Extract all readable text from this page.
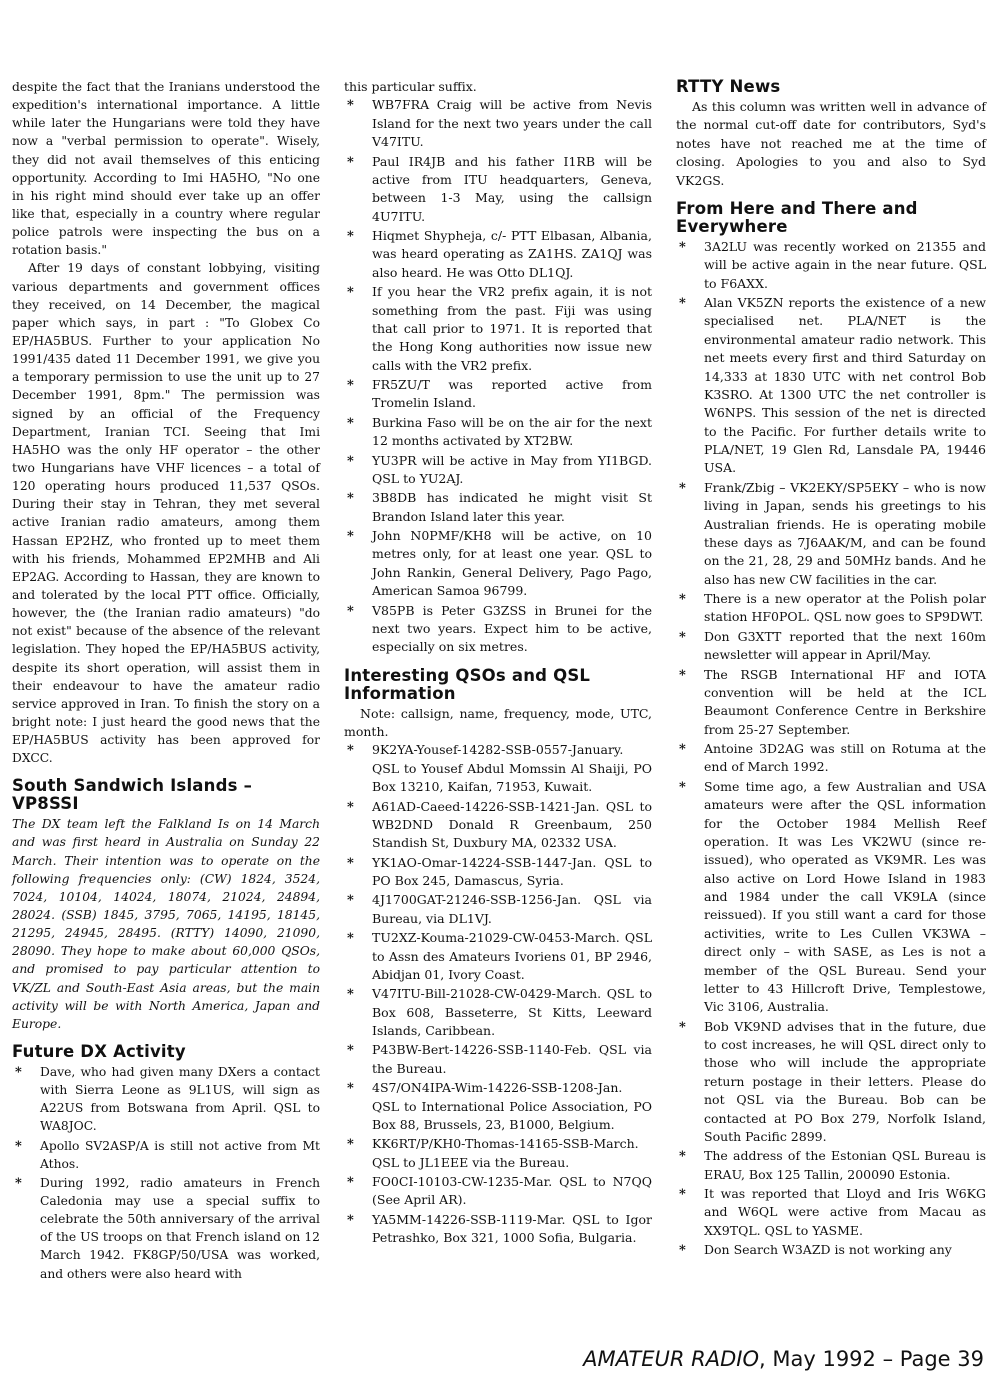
despite the fact that the Iranians understood the expedition's international importance. A little while later the Hungarians were told they have now a "verbal permission to operate". Wisely, they did not avail themselves of this enticing opportunity. According to Imi HA5HO, "No one in his right mind should ever take up an offer like that, especially in a country where regular police patrols were inspecting the bus on a rotation basis."

After 19 days of constant lobbying, visiting various departments and government offices they received, on 14 December, the magical paper which says, in part : "To Globex Co EP/HA5BUS. Further to your application No 1991/435 dated 11 December 1991, we give you a temporary permission to use the unit up to 27 December 1991, 8pm." The permission was signed by an official of the Frequency Department, Iranian TCI. Seeing that Imi HA5HO was the only HF operator – the other two Hungarians have VHF licences – a total of 120 operating hours produced 11,537 QSOs. During their stay in Tehran, they met several active Iranian radio amateurs, among them Hassan EP2HZ, who fronted up to meet them with his friends, Mohammed EP2MHB and Ali EP2AG. According to Hassan, they are known to and tolerated by the local PTT office. Officially, however, the (the Iranian radio amateurs) "do not exist" because of the absence of the relevant legislation. They hoped the EP/HA5BUS activity, despite its short operation, will assist them in their endeavour to have the amateur radio service approved in Iran. To finish the story on a bright note: I just heard the good news that the EP/HA5BUS activity has been approved for DXCC.

South Sandwich Islands – VP8SSI

The DX team left the Falkland Is on 14 March and was first heard in Australia on Sunday 22 March. Their intention was to operate on the following frequencies only: (CW) 1824, 3524, 7024, 10104, 14024, 18074, 21024, 24894, 28024. (SSB) 1845, 3795, 7065, 14195, 18145, 21295, 24945, 28495. (RTTY) 14090, 21090, 28090. They hope to make about 60,000 QSOs, and promised to pay particular attention to VK/ZL and South-East Asia areas, but the main activity will be with North America, Japan and Europe.

Future DX Activity
* Dave, who had given many DXers a contact with Sierra Leone as 9L1US, will sign as A22US from Botswana from April. QSL to WA8JOC.
* Apollo SV2ASP/A is still not active from Mt Athos.
* During 1992, radio amateurs in French Caledonia may use a special suffix to celebrate the 50th anniversary of the arrival of the US troops on that French island on 12 March 1942. FK8GP/50/USA was worked, and others were also heard with

this particular suffix.

* WB7FRA Craig will be active from Nevis Island for the next two years under the call V47ITU.
* Paul IR4JB and his father I1RB will be active from ITU headquarters, Geneva, between 1-3 May, using the callsign 4U7ITU.
* Hiqmet Shypheja, c/- PTT Elbasan, Albania, was heard operating as ZA1HS. ZA1QJ was also heard. He was Otto DL1QJ.
* If you hear the VR2 prefix again, it is not something from the past. Fiji was using that call prior to 1971. It is reported that the Hong Kong authorities now issue new calls with the VR2 prefix.
* FR5ZU/T was reported active from Tromelin Island.
* Burkina Faso will be on the air for the next 12 months activated by XT2BW.
* YU3PR will be active in May from YI1BGD. QSL to YU2AJ.
* 3B8DB has indicated he might visit St Brandon Island later this year.
* John N0PMF/KH8 will be active, on 10 metres only, for at least one year. QSL to John Rankin, General Delivery, Pago Pago, American Samoa 96799.
* V85PB is Peter G3ZSS in Brunei for the next two years. Expect him to be active, especially on six metres.
Interesting QSOs and QSL Information

Note: callsign, name, frequency, mode, UTC, month.

* 9K2YA-Yousef-14282-SSB-0557-January. QSL to Yousef Abdul Momssin Al Shaiji, PO Box 13210, Kaifan, 71953, Kuwait.
* A61AD-Caeed-14226-SSB-1421-Jan. QSL to WB2DND Donald R Greenbaum, 250 Standish St, Duxbury MA, 02332 USA.
* YK1AO-Omar-14224-SSB-1447-Jan. QSL to PO Box 245, Damascus, Syria.
* 4J1700GAT-21246-SSB-1256-Jan. QSL via Bureau, via DL1VJ.
* TU2XZ-Kouma-21029-CW-0453-March. QSL to Assn des Amateurs Ivoriens 01, BP 2946, Abidjan 01, Ivory Coast.
* V47ITU-Bill-21028-CW-0429-March. QSL to Box 608, Basseterre, St Kitts, Leeward Islands, Caribbean.
* P43BW-Bert-14226-SSB-1140-Feb. QSL via the Bureau.
* 4S7/ON4IPA-Wim-14226-SSB-1208-Jan. QSL to International Police Association, PO Box 88, Brussels, 23, B1000, Belgium.
* KK6RT/P/KH0-Thomas-14165-SSB-March. QSL to JL1EEE via the Bureau.
* FO0CI-10103-CW-1235-Mar. QSL to N7QQ (See April AR).
* YA5MM-14226-SSB-1119-Mar. QSL to Igor Petrashko, Box 321, 1000 Sofia, Bulgaria.
RTTY News

As this column was written well in advance of the normal cut-off date for contributors, Syd's notes have not reached me at the time of closing. Apologies to you and also to Syd VK2GS.

From Here and There and Everywhere
* 3A2LU was recently worked on 21355 and will be active again in the near future. QSL to F6AXX.
* Alan VK5ZN reports the existence of a new specialised net. PLA/NET is the environmental amateur radio network. This net meets every first and third Saturday on 14,333 at 1830 UTC with net control Bob K3SRO. At 1300 UTC the net controller is W6NPS. This session of the net is directed to the Pacific. For further details write to PLA/NET, 19 Glen Rd, Lansdale PA, 19446 USA.
* Frank/Zbig – VK2EKY/SP5EKY – who is now living in Japan, sends his greetings to his Australian friends. He is operating mobile these days as 7J6AAK/M, and can be found on the 21, 28, 29 and 50MHz bands. And he also has new CW facilities in the car.
* There is a new operator at the Polish polar station HF0POL. QSL now goes to SP9DWT.
* Don G3XTT reported that the next 160m newsletter will appear in April/May.
* The RSGB International HF and IOTA convention will be held at the ICL Beaumont Conference Centre in Berkshire from 25-27 September.
* Antoine 3D2AG was still on Rotuma at the end of March 1992.
* Some time ago, a few Australian and USA amateurs were after the QSL information for the October 1984 Mellish Reef operation. It was Les VK2WU (since re-issued), who operated as VK9MR. Les was also active on Lord Howe Island in 1983 and 1984 under the call VK9LA (since reissued). If you still want a card for those activities, write to Les Cullen VK3WA – direct only – with SASE, as Les is not a member of the QSL Bureau. Send your letter to 43 Hillcroft Drive, Templestowe, Vic 3106, Australia.
* Bob VK9ND advises that in the future, due to cost increases, he will QSL direct only to those who will include the appropriate return postage in their letters. Please do not QSL via the Bureau. Bob can be contacted at PO Box 279, Norfolk Island, South Pacific 2899.
* The address of the Estonian QSL Bureau is ERAU, Box 125 Tallin, 200090 Estonia.
* It was reported that Lloyd and Iris W6KG and W6QL were active from Macau as XX9TQL. QSL to YASME.
* Don Search W3AZD is not working any
AMATEUR RADIO, May 1992 – Page 39
